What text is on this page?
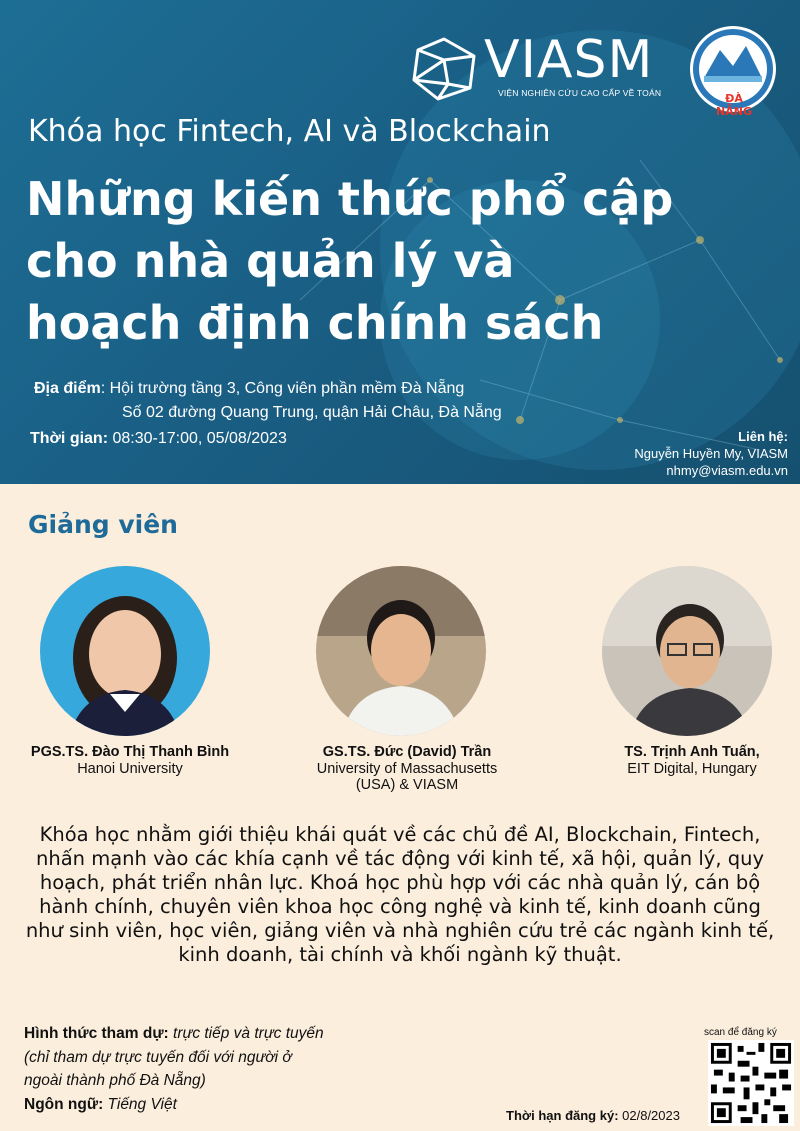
VIASM
VIỆN NGHIÊN CỨU CAO CẤP VỀ TOÁN	ĐÀ NẴNG
Khóa học Fintech, AI và Blockchain
Những kiến thức phổ cập
cho nhà quản lý và
hoạch định chính sách
Địa điểm: Hội trường tầng 3, Công viên phần mềm Đà Nẵng
Số 02 đường Quang Trung, quận Hải Châu, Đà Nẵng
Thời gian: 08:30-17:00, 05/08/2023	Liên hệ:
Nguyễn Huyền My, VIASM
nhmy@viasm.edu.vn
Giảng viên
PGS.TS. Đào Thị Thanh Bình
Hanoi University
GS.TS. Đức (David) Trần
University of Massachusetts
(USA) & VIASM
TS. Trịnh Anh Tuấn,
EIT Digital, Hungary
Khóa học nhằm giới thiệu khái quát về các chủ đề AI, Blockchain, Fintech, nhấn mạnh vào các khía cạnh về tác động với kinh tế, xã hội, quản lý, quy hoạch, phát triển nhân lực. Khoá học phù hợp với các nhà quản lý, cán bộ hành chính, chuyên viên khoa học công nghệ và kinh tế, kinh doanh cũng như sinh viên, học viên, giảng viên và nhà nghiên cứu trẻ các ngành kinh tế, kinh doanh, tài chính và khối ngành kỹ thuật.
Hình thức tham dự: trực tiếp và trực tuyến
(chỉ tham dự trực tuyến đối với người ở
ngoài thành phố Đà Nẵng)
Ngôn ngữ: Tiếng Việt
scan để đăng ký
Thời hạn đăng ký: 02/8/2023
